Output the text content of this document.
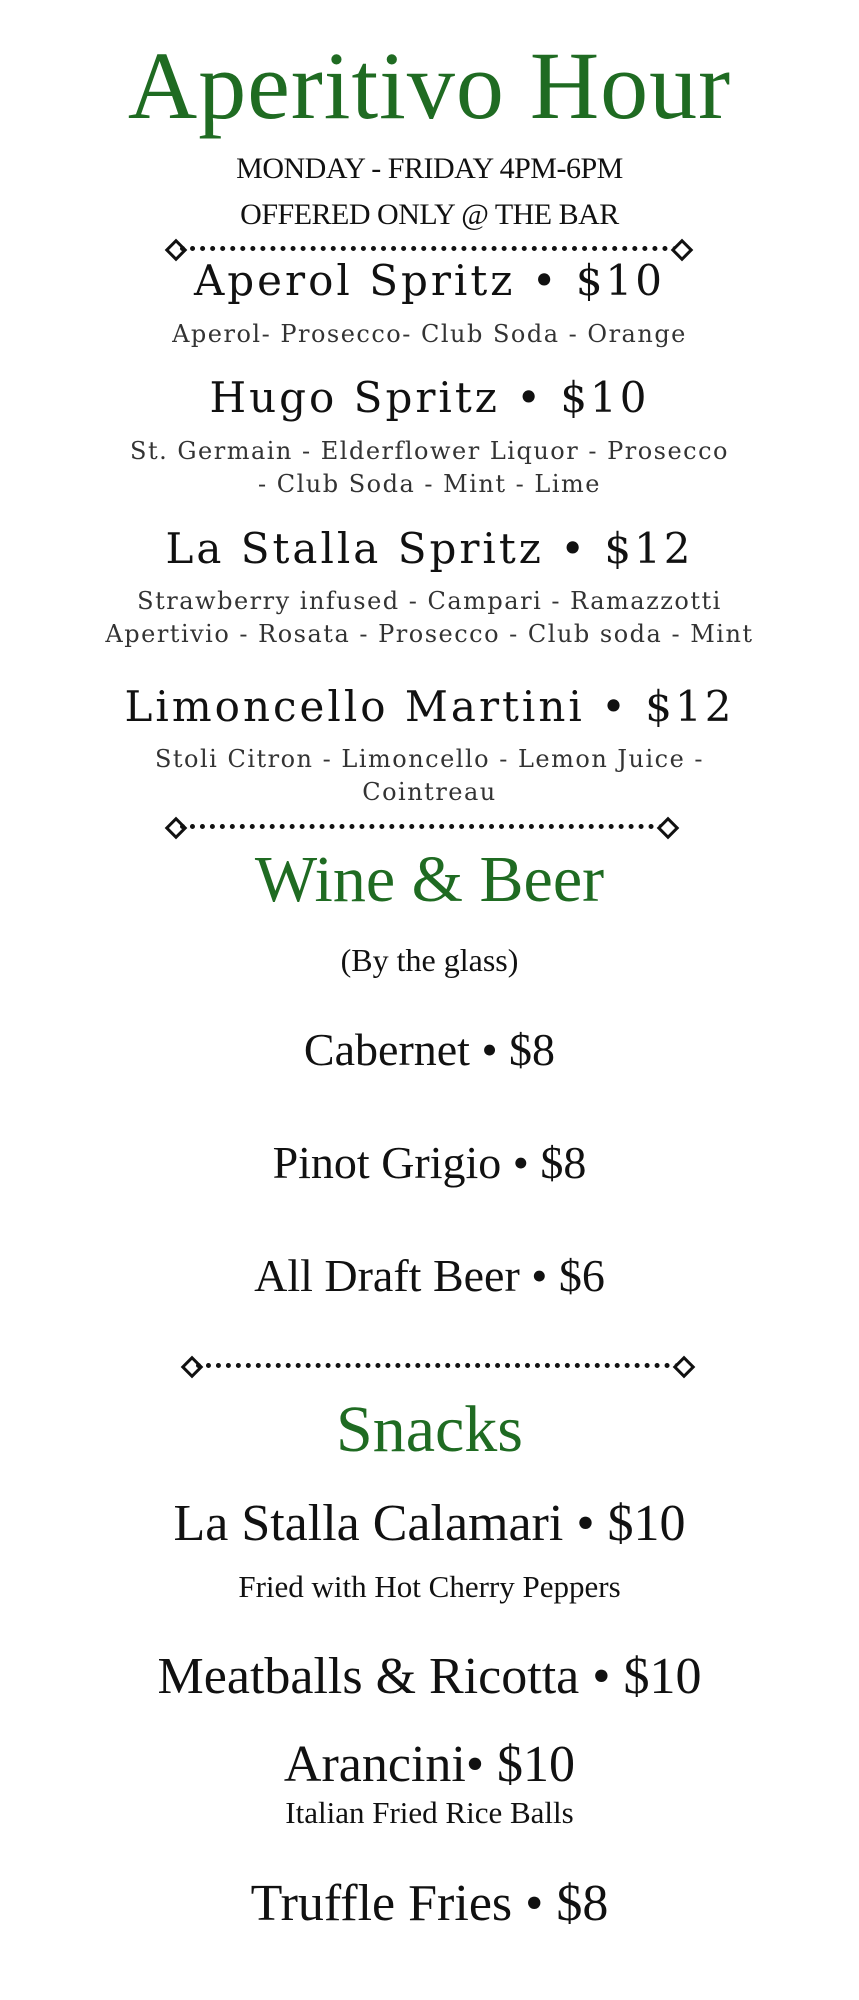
Aperitivo Hour
MONDAY - FRIDAY 4PM-6PM
OFFERED ONLY @ THE BAR
Aperol Spritz • $10
Aperol- Prosecco- Club Soda - Orange
Hugo Spritz • $10
St. Germain - Elderflower Liquor - Prosecco
- Club Soda - Mint - Lime
La Stalla Spritz • $12
Strawberry infused - Campari - Ramazzotti
Apertivio - Rosata - Prosecco - Club soda - Mint
Limoncello Martini • $12
Stoli Citron - Limoncello - Lemon Juice -
Cointreau
Wine & Beer
(By the glass)
Cabernet • $8
Pinot Grigio • $8
All Draft Beer • $6
Snacks
La Stalla Calamari • $10
Fried with Hot Cherry Peppers
Meatballs & Ricotta • $10
Arancini• $10
Italian Fried Rice Balls
Truffle Fries • $8
